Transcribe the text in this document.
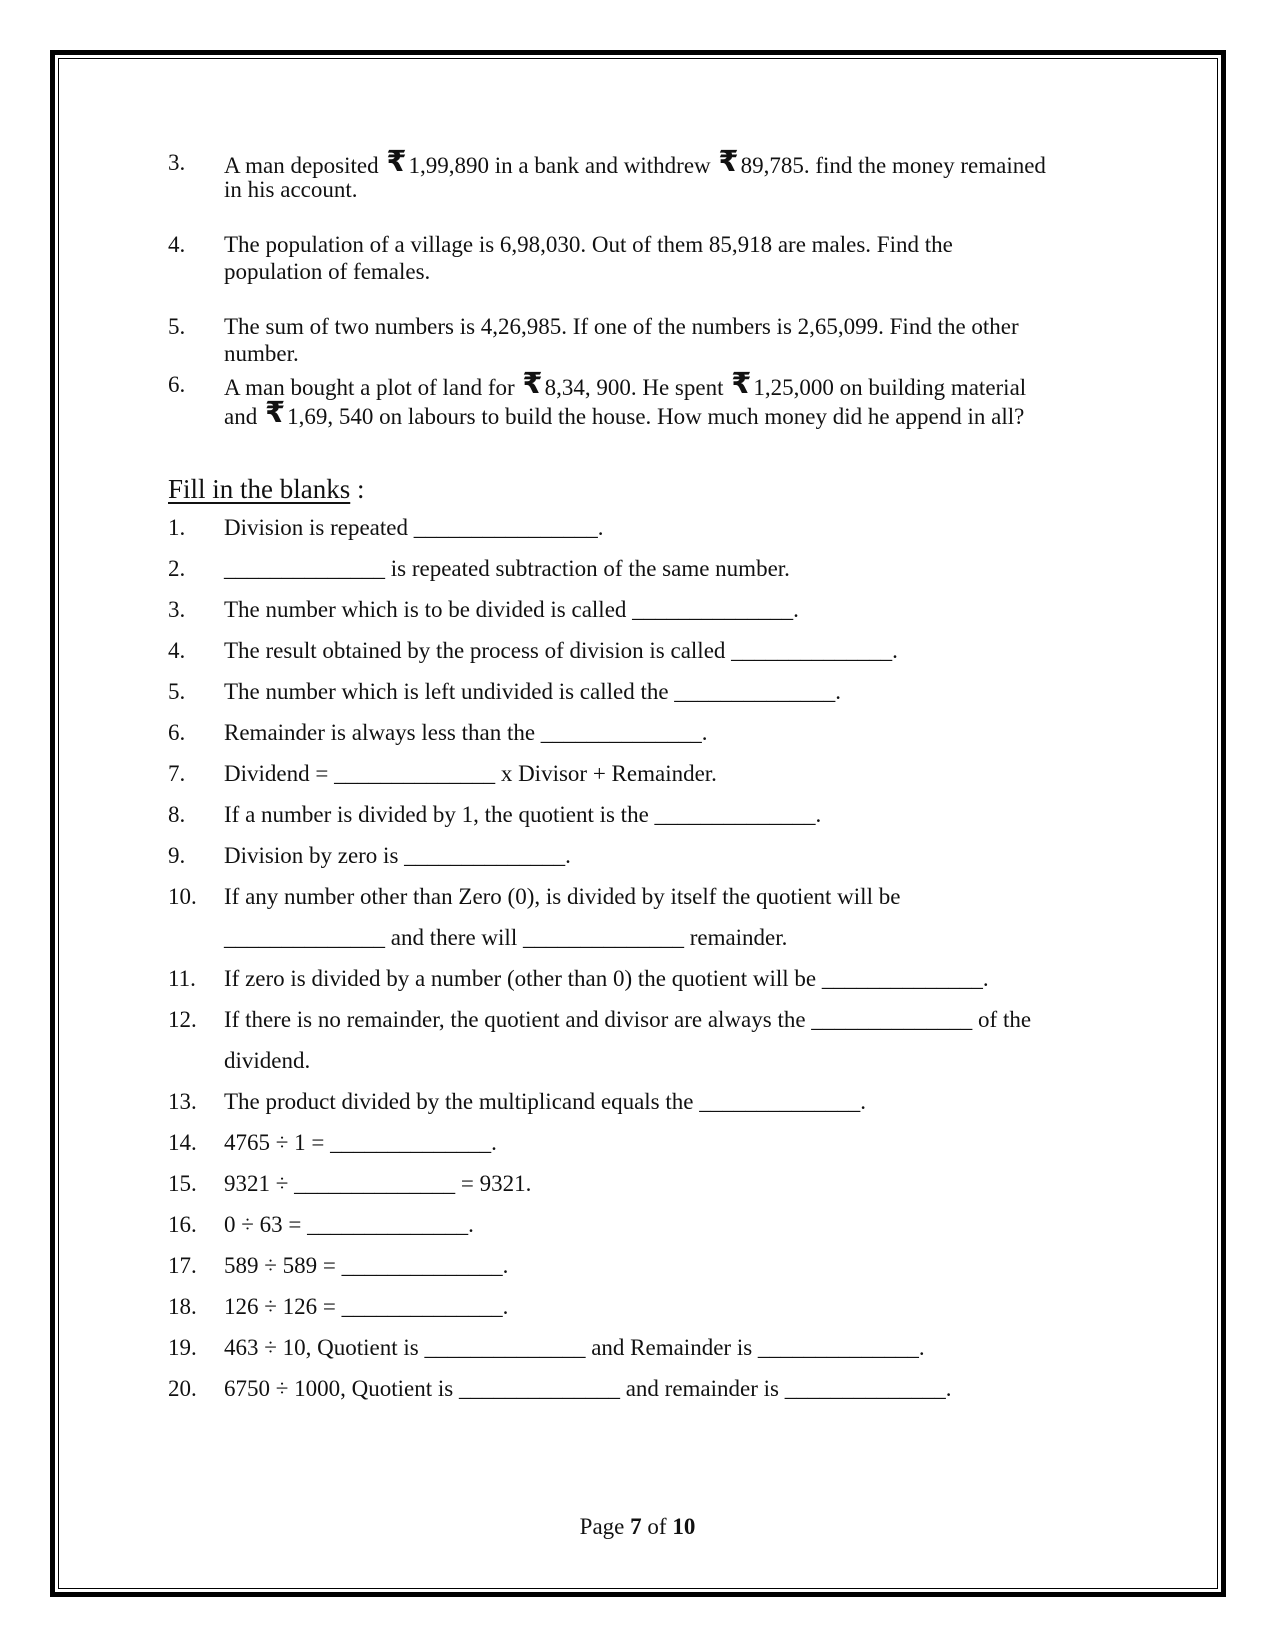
3. A man deposited ₹1,99,890 in a bank and withdrew ₹89,785. find the money remained
in his account.
4. The population of a village is 6,98,030. Out of them 85,918 are males. Find the
population of females.
5. The sum of two numbers is 4,26,985. If one of the numbers is 2,65,099. Find the other
number.
6. A man bought a plot of land for ₹8,34, 900. He spent ₹1,25,000 on building material
and ₹1,69, 540 on labours to build the house. How much money did he append in all?
Fill in the blanks :
1. Division is repeated ________________.
2. ______________ is repeated subtraction of the same number.
3. The number which is to be divided is called ______________.
4. The result obtained by the process of division is called ______________.
5. The number which is left undivided is called the ______________.
6. Remainder is always less than the ______________.
7. Dividend = ______________ x Divisor + Remainder.
8. If a number is divided by 1, the quotient is the ______________.
9. Division by zero is ______________.
10. If any number other than Zero (0), is divided by itself the quotient will be
______________ and there will ______________ remainder.
11. If zero is divided by a number (other than 0) the quotient will be ______________.
12. If there is no remainder, the quotient and divisor are always the ______________ of the
dividend.
13. The product divided by the multiplicand equals the ______________.
14. 4765 ÷ 1 = ______________.
15. 9321 ÷ ______________ = 9321.
16. 0 ÷ 63 = ______________.
17. 589 ÷ 589 = ______________.
18. 126 ÷ 126 = ______________.
19. 463 ÷ 10, Quotient is ______________ and Remainder is ______________.
20. 6750 ÷ 1000, Quotient is ______________ and remainder is ______________.
Page 7 of 10
